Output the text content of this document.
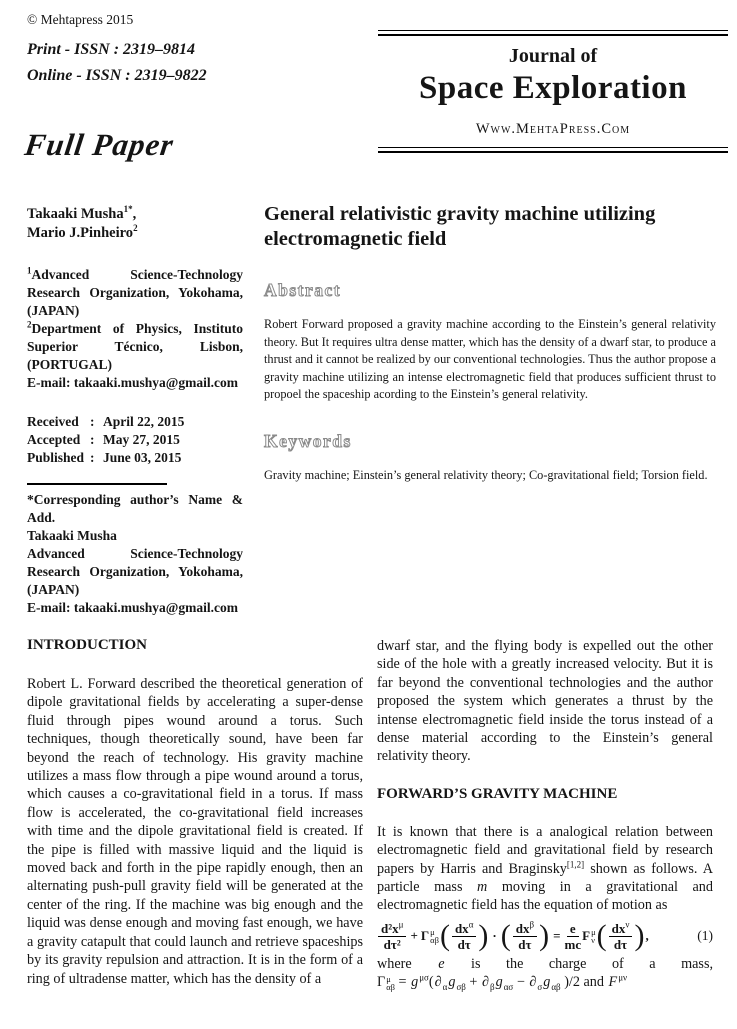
© Mehtapress 2015

Print - ISSN : 2319–9814

Online - ISSN : 2319–9822

Full Paper

Journal of

Space Exploration

Www.MehtaPress.Com

Takaaki Musha$^{1*}$,
Mario J.Pinheiro$^2$

$^1$Advanced Science-Technology Research Organization, Yokohama, (JAPAN)

$^2$Department of Physics, Instituto Superior Técnico, Lisbon, (PORTUGAL)

E-mail: takaaki.mushya@gmail.com

Received : April 22, 2015
Accepted : May 27, 2015
Published : June 03, 2015

*Corresponding author’s Name & Add.

Takaaki Musha

Advanced Science-Technology Research Organization, Yokohama, (JAPAN)

E-mail: takaaki.mushya@gmail.com

General relativistic gravity machine utilizing electromagnetic field
Abstract

Robert Forward proposed a gravity machine according to the Einstein’s general relativity theory. But It requires ultra dense matter, which has the density of a dwarf star, to produce a thrust and it cannot be realized by our conventional technologies. Thus the author propose a gravity machine utilizing an intense electromagnetic field that produces sufficient thrust to propoel the spaceship acording to the Einstein’s general relativity.

Keywords

Gravity machine; Einstein’s general relativity theory; Co-gravitational field; Torsion field.

INTRODUCTION

Robert L. Forward described the theoretical generation of dipole gravitational fields by accelerating a super-dense fluid through pipes wound around a torus. Such techniques, though theoretically sound, have been far beyond the reach of technology. His gravity machine utilizes a mass flow through a pipe wound around a torus, which causes a co-gravitational field in a torus. If mass flow is accelerated, the co-gravitational field increases with time and the dipole gravitational field is created. If the pipe is filled with massive liquid and the liquid is moved back and forth in the pipe rapidly enough, then an alternating push-pull gravity field will be generated at the center of the ring. If the machine was big enough and the liquid was dense enough and moving fast enough, we have a gravity catapult that could launch and retrieve spaceships by its gravity repulsion and attraction. It is in the form of a ring of ultradense matter, which has the density of a

dwarf star, and the flying body is expelled out the other side of the hole with a greatly increased velocity. But it is far beyond the conventional technologies and the author proposed the system which generates a thrust by the intense electromagnetic field inside the torus instead of a dense material according to the Einstein’s general relativity theory.

FORWARD’S GRAVITY MACHINE

It is known that there is a analogical relation between electromagnetic field and gravitational field by research papers by Harris and Braginsky[1,2] shown as follows. A particle mass m moving in a gravitational and electromagnetic field has the equation of motion as

$\frac{d^2x^\mu}{\text{dτ²}} + \Gamma$ μ
αβ ( $\frac{dx^\alpha}{d\tau}$ ) · ( $\frac{dx^\beta}{d\tau}$ ) = $\frac{e}{mc}$ F μ
ν ( $\frac{dx^\nu}{d\tau}$ ) ,	(1)

where e is the charge of a mass, Γ μ
$\alpha\beta = g^{\mu\sigma}(\partial_\alpha g_{\sigma\beta} + \partial_\beta g_{\alpha\sigma} - \partial_\sigma g_{\alpha\beta}$ )/2 and $F^{\mu\nu}$
